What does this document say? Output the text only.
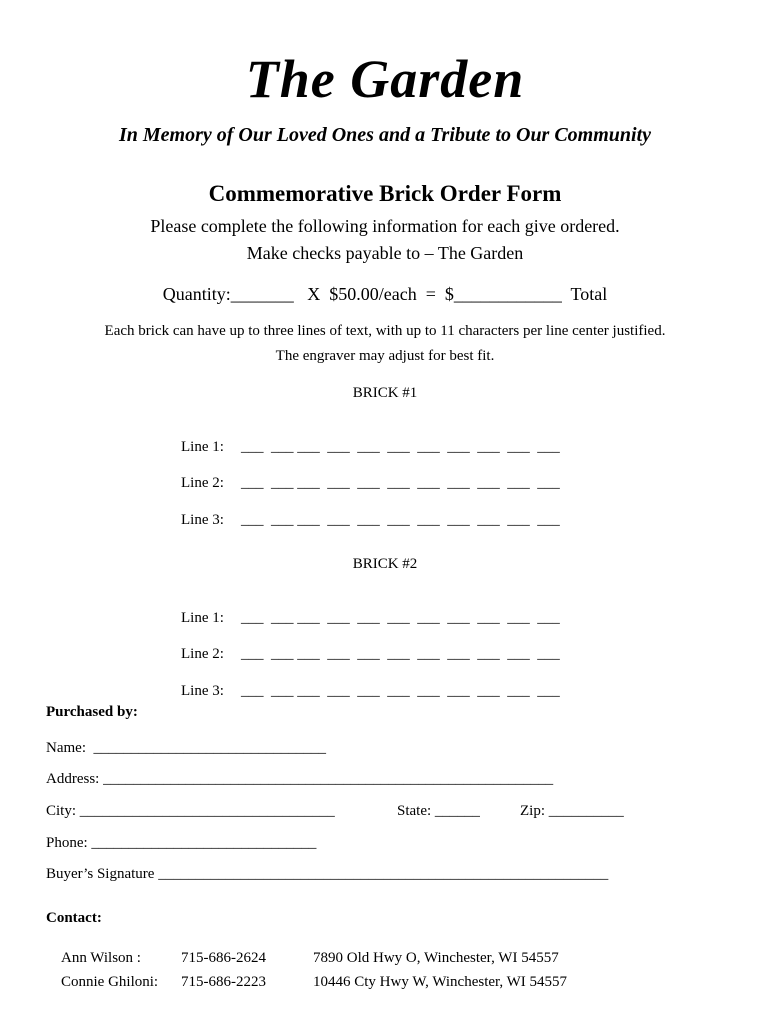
The Garden
In Memory of Our Loved Ones and a Tribute to Our Community
Commemorative Brick Order Form
Please complete the following information for each give ordered.
Make checks payable to – The Garden
Quantity:_______   X  $50.00/each  =  $____________  Total
Each brick can have up to three lines of text, with up to 11 characters per line center justified.
The engraver may adjust for best fit.
BRICK #1

Line 1: ___  ___ ___  ___  ___  ___  ___  ___  ___  ___  ___

Line 2: ___  ___ ___  ___  ___  ___  ___  ___  ___  ___  ___

Line 3: ___  ___ ___  ___  ___  ___  ___  ___  ___  ___  ___

BRICK #2

Line 1: ___  ___ ___  ___  ___  ___  ___  ___  ___  ___  ___

Line 2: ___  ___ ___  ___  ___  ___  ___  ___  ___  ___  ___

Line 3: ___  ___ ___  ___  ___  ___  ___  ___  ___  ___  ___

Purchased by:
Name:  _______________________________
Address: ____________________________________________________________
City: __________________________________	State: ______	Zip: __________
Phone: ______________________________
Buyer’s Signature ____________________________________________________________
Contact:

Ann Wilson :	715-686-2624	7890 Old Hwy O, Winchester, WI 54557

Connie Ghiloni: 715-686-2223	10446 Cty Hwy W, Winchester, WI 54557
